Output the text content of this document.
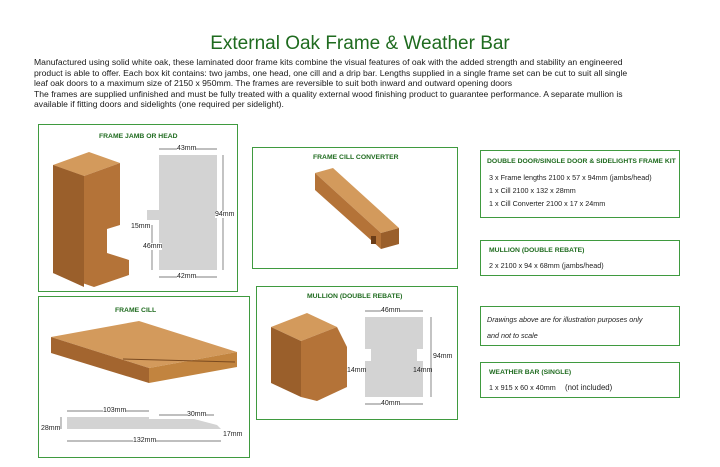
External Oak Frame & Weather Bar
Manufactured using solid white oak, these laminated door frame kits combine the visual features of oak with the added strength and stability an engineered
product is able to offer. Each box kit contains: two jambs, one head, one cill and a drip bar. Lengths supplied in a single frame set can be cut to suit all single
leaf oak doors to a maximum size of 2150 x 950mm. The frames are reversible to suit both inward and outward opening doors
The frames are supplied unfinished and must be fully treated with a quality external wood finishing product to guarantee performance. A separate mullion is
available if fitting doors and sidelights (one required per sidelight).
FRAME JAMB OR HEAD
43mm
94mm
15mm
46mm
42mm
FRAME CILL CONVERTER
FRAME CILL
103mm
30mm
28mm
17mm
132mm
MULLION (DOUBLE REBATE)
46mm
14mm	14mm
94mm
40mm
DOUBLE DOOR/SINGLE DOOR & SIDELIGHTS FRAME KIT
3 x Frame lengths 2100 x 57 x 94mm (jambs/head)
1 x Cill 2100 x 132 x 28mm
1 x Cill Converter 2100 x 17 x 24mm
MULLION (DOUBLE REBATE)
2 x 2100 x 94 x 68mm (jambs/head)
Drawings above are for illustration purposes only
and not to scale
WEATHER BAR (SINGLE)
1 x 915 x 60 x 40mm (not included)
